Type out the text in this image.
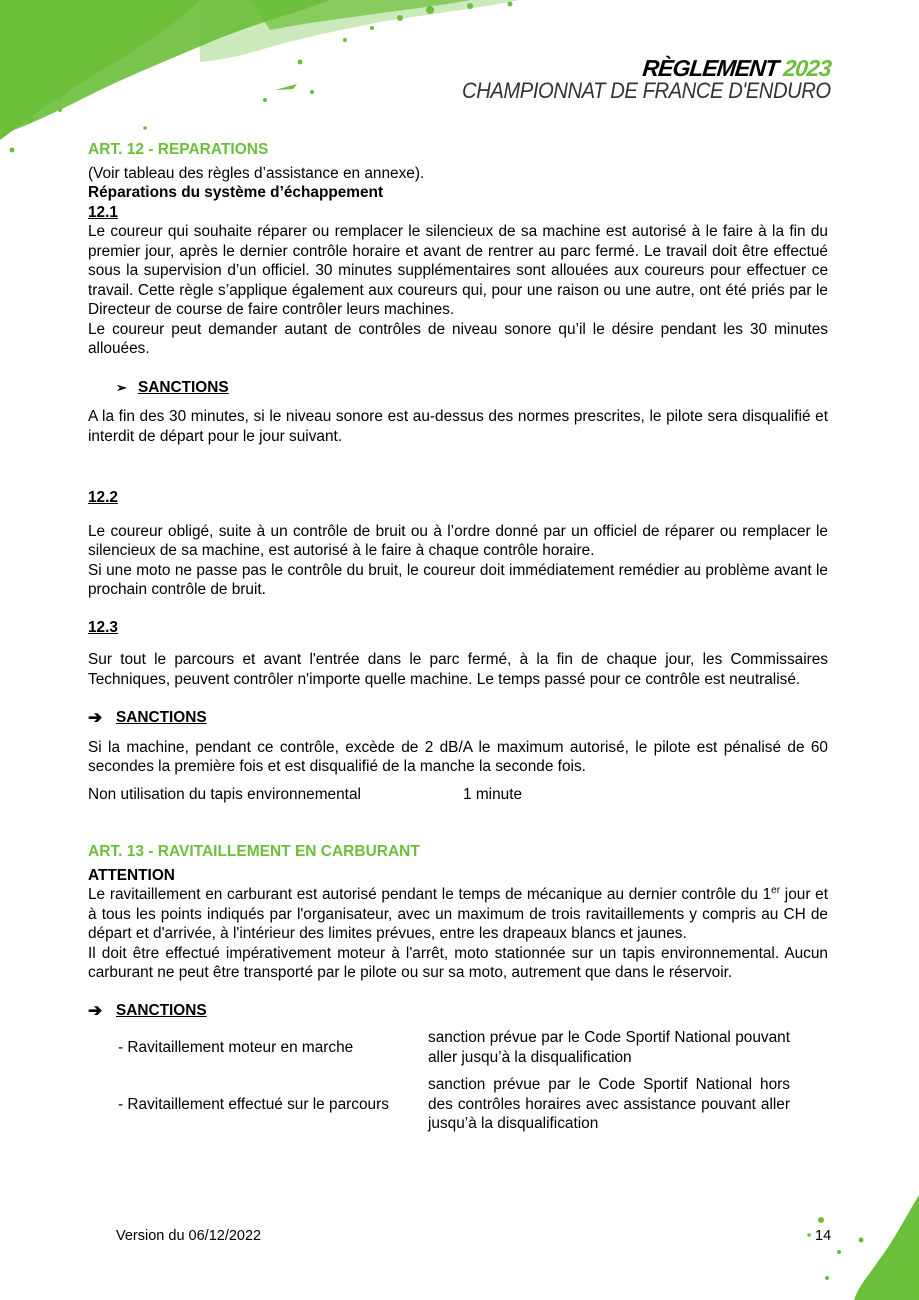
RÈGLEMENT 2023
CHAMPIONNAT DE FRANCE D'ENDURO

ART. 12 - REPARATIONS

(Voir tableau des règles d’assistance en annexe).

Réparations du système d’échappement

12.1

Le coureur qui souhaite réparer ou remplacer le silencieux de sa machine est autorisé à le faire à la fin du premier jour, après le dernier contrôle horaire et avant de rentrer au parc fermé. Le travail doit être effectué sous la supervision d’un officiel. 30 minutes supplémentaires sont allouées aux coureurs pour effectuer ce travail. Cette règle s’applique également aux coureurs qui, pour une raison ou une autre, ont été priés par le Directeur de course de faire contrôler leurs machines.

Le coureur peut demander autant de contrôles de niveau sonore qu’il le désire pendant les 30 minutes allouées.

➢ SANCTIONS

A la fin des 30 minutes, si le niveau sonore est au-dessus des normes prescrites, le pilote sera disqualifié et interdit de départ pour le jour suivant.

12.2

Le coureur obligé, suite à un contrôle de bruit ou à l’ordre donné par un officiel de réparer ou remplacer le silencieux de sa machine, est autorisé à le faire à chaque contrôle horaire.

Si une moto ne passe pas le contrôle du bruit, le coureur doit immédiatement remédier au problème avant le prochain contrôle de bruit.

12.3

Sur tout le parcours et avant l'entrée dans le parc fermé, à la fin de chaque jour, les Commissaires Techniques, peuvent contrôler n'importe quelle machine. Le temps passé pour ce contrôle est neutralisé.

➔ SANCTIONS

Si la machine, pendant ce contrôle, excède de 2 dB/A le maximum autorisé, le pilote est pénalisé de 60 secondes la première fois et est disqualifié de la manche la seconde fois.

Non utilisation du tapis environnemental	1 minute

ART. 13 - RAVITAILLEMENT EN CARBURANT

ATTENTION

Le ravitaillement en carburant est autorisé pendant le temps de mécanique au dernier contrôle du 1er jour et à tous les points indiqués par l'organisateur, avec un maximum de trois ravitaillements y compris au CH de départ et d'arrivée, à l'intérieur des limites prévues, entre les drapeaux blancs et jaunes.

Il doit être effectué impérativement moteur à l'arrêt, moto stationnée sur un tapis environnemental. Aucun carburant ne peut être transporté par le pilote ou sur sa moto, autrement que dans le réservoir.

➔ SANCTIONS
- Ravitaillement moteur en marche
sanction prévue par le Code Sportif National pouvant aller jusqu’à la disqualification
- Ravitaillement effectué sur le parcours
sanction prévue par le Code Sportif National hors des contrôles horaires avec assistance pouvant aller jusqu’à la disqualification
Version du 06/12/2022	14
